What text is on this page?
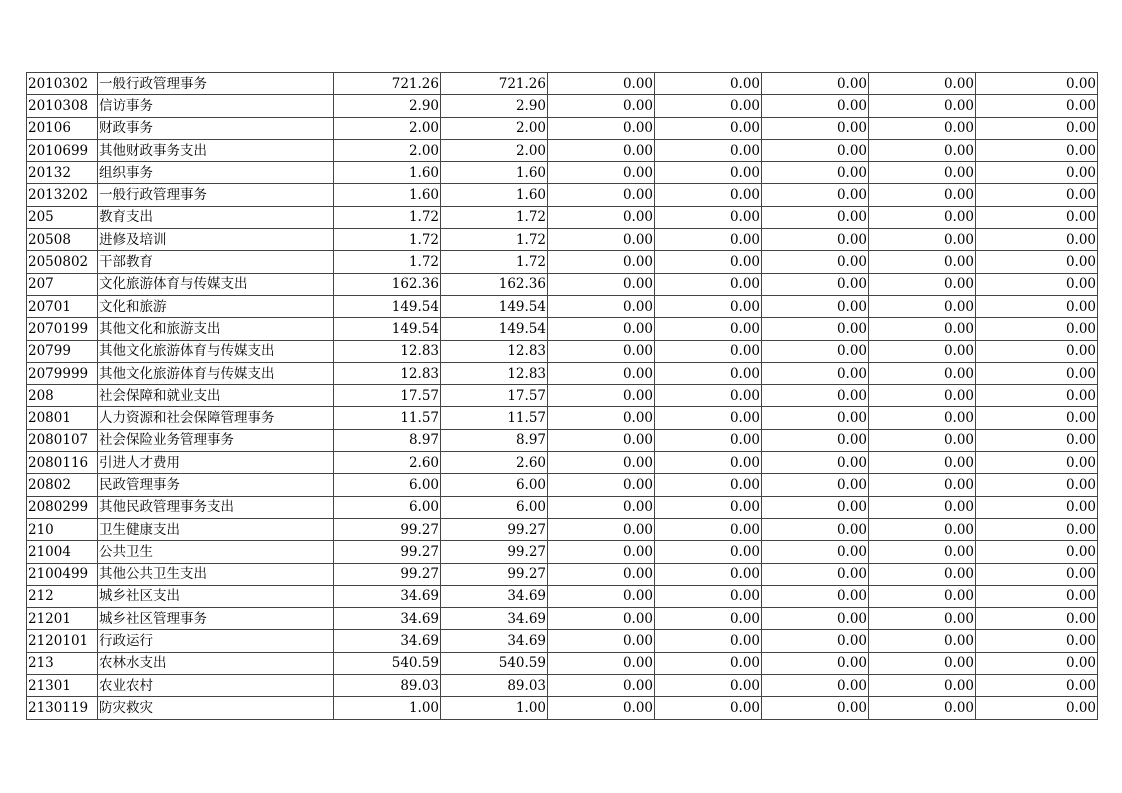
2010302	一般行政管理事务	721.26	721.26	0.00	0.00	0.00	0.00	0.00
2010308	信访事务	2.90	2.90	0.00	0.00	0.00	0.00	0.00
20106	财政事务	2.00	2.00	0.00	0.00	0.00	0.00	0.00
2010699	其他财政事务支出	2.00	2.00	0.00	0.00	0.00	0.00	0.00
20132	组织事务	1.60	1.60	0.00	0.00	0.00	0.00	0.00
2013202	一般行政管理事务	1.60	1.60	0.00	0.00	0.00	0.00	0.00
205	教育支出	1.72	1.72	0.00	0.00	0.00	0.00	0.00
20508	进修及培训	1.72	1.72	0.00	0.00	0.00	0.00	0.00
2050802	干部教育	1.72	1.72	0.00	0.00	0.00	0.00	0.00
207	文化旅游体育与传媒支出	162.36	162.36	0.00	0.00	0.00	0.00	0.00
20701	文化和旅游	149.54	149.54	0.00	0.00	0.00	0.00	0.00
2070199	其他文化和旅游支出	149.54	149.54	0.00	0.00	0.00	0.00	0.00
20799	其他文化旅游体育与传媒支出	12.83	12.83	0.00	0.00	0.00	0.00	0.00
2079999	其他文化旅游体育与传媒支出	12.83	12.83	0.00	0.00	0.00	0.00	0.00
208	社会保障和就业支出	17.57	17.57	0.00	0.00	0.00	0.00	0.00
20801	人力资源和社会保障管理事务	11.57	11.57	0.00	0.00	0.00	0.00	0.00
2080107	社会保险业务管理事务	8.97	8.97	0.00	0.00	0.00	0.00	0.00
2080116	引进人才费用	2.60	2.60	0.00	0.00	0.00	0.00	0.00
20802	民政管理事务	6.00	6.00	0.00	0.00	0.00	0.00	0.00
2080299	其他民政管理事务支出	6.00	6.00	0.00	0.00	0.00	0.00	0.00
210	卫生健康支出	99.27	99.27	0.00	0.00	0.00	0.00	0.00
21004	公共卫生	99.27	99.27	0.00	0.00	0.00	0.00	0.00
2100499	其他公共卫生支出	99.27	99.27	0.00	0.00	0.00	0.00	0.00
212	城乡社区支出	34.69	34.69	0.00	0.00	0.00	0.00	0.00
21201	城乡社区管理事务	34.69	34.69	0.00	0.00	0.00	0.00	0.00
2120101	行政运行	34.69	34.69	0.00	0.00	0.00	0.00	0.00
213	农林水支出	540.59	540.59	0.00	0.00	0.00	0.00	0.00
21301	农业农村	89.03	89.03	0.00	0.00	0.00	0.00	0.00
2130119	防灾救灾	1.00	1.00	0.00	0.00	0.00	0.00	0.00
